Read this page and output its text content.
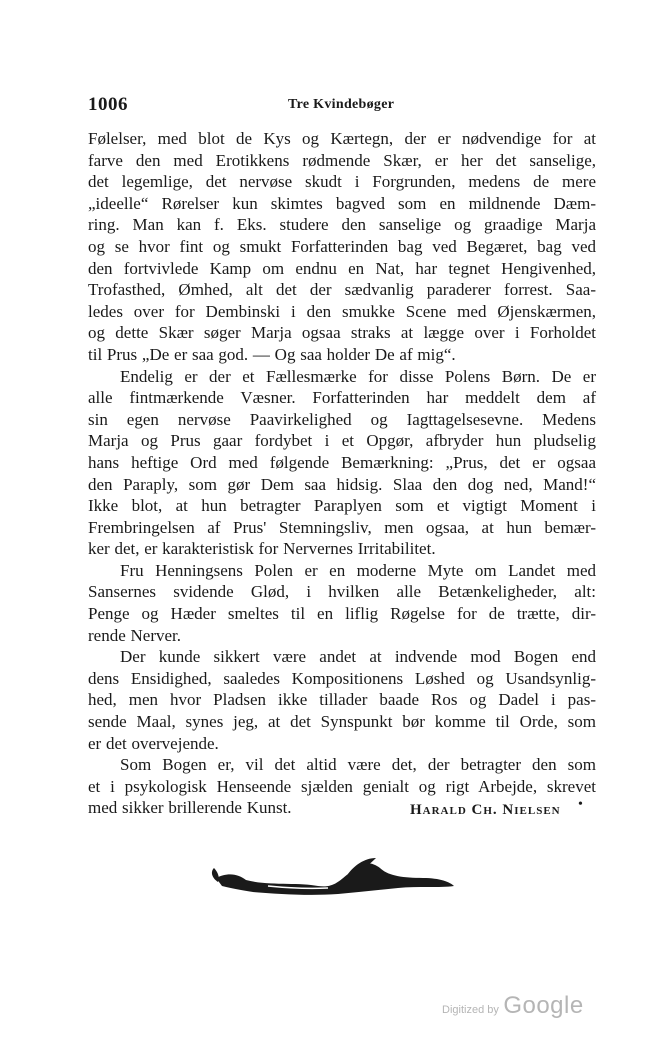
1006	Tre Kvindebøger
Følelser, med blot de Kys og Kærtegn, der er nødvendige for at
farve den med Erotikkens rødmende Skær, er her det sanselige,
det legemlige, det nervøse skudt i Forgrunden, medens de mere
„ideelle“ Rørelser kun skimtes bagved som en mildnende Dæm-
ring. Man kan f. Eks. studere den sanselige og graadige Marja
og se hvor fint og smukt Forfatterinden bag ved Begæret, bag ved
den fortvivlede Kamp om endnu en Nat, har tegnet Hengivenhed,
Trofasthed, Ømhed, alt det der sædvanlig paraderer forrest. Saa-
ledes over for Dembinski i den smukke Scene med Øjenskærmen,
og dette Skær søger Marja ogsaa straks at lægge over i Forholdet
til Prus „De er saa god. — Og saa holder De af mig“.
Endelig er der et Fællesmærke for disse Polens Børn. De er
alle fintmærkende Væsner. Forfatterinden har meddelt dem af
sin egen nervøse Paavirkelighed og Iagttagelsesevne. Medens
Marja og Prus gaar fordybet i et Opgør, afbryder hun pludselig
hans heftige Ord med følgende Bemærkning: „Prus, det er ogsaa
den Paraply, som gør Dem saa hidsig. Slaa den dog ned, Mand!“
Ikke blot, at hun betragter Paraplyen som et vigtigt Moment i
Frembringelsen af Prus' Stemningsliv, men ogsaa, at hun bemær-
ker det, er karakteristisk for Nervernes Irritabilitet.
Fru Henningsens Polen er en moderne Myte om Landet med
Sansernes svidende Glød, i hvilken alle Betænkeligheder, alt:
Penge og Hæder smeltes til en liflig Røgelse for de trætte, dir-
rende Nerver.
Der kunde sikkert være andet at indvende mod Bogen end
dens Ensidighed, saaledes Kompositionens Løshed og Usandsynlig-
hed, men hvor Pladsen ikke tillader baade Ros og Dadel i pas-
sende Maal, synes jeg, at det Synspunkt bør komme til Orde, som
er det overvejende.
Som Bogen er, vil det altid være det, der betragter den som
et i psykologisk Henseende sjælden genialt og rigt Arbejde, skrevet
med sikker brillerende Kunst.	Harald Ch. Nielsen •
Digitized by Google
